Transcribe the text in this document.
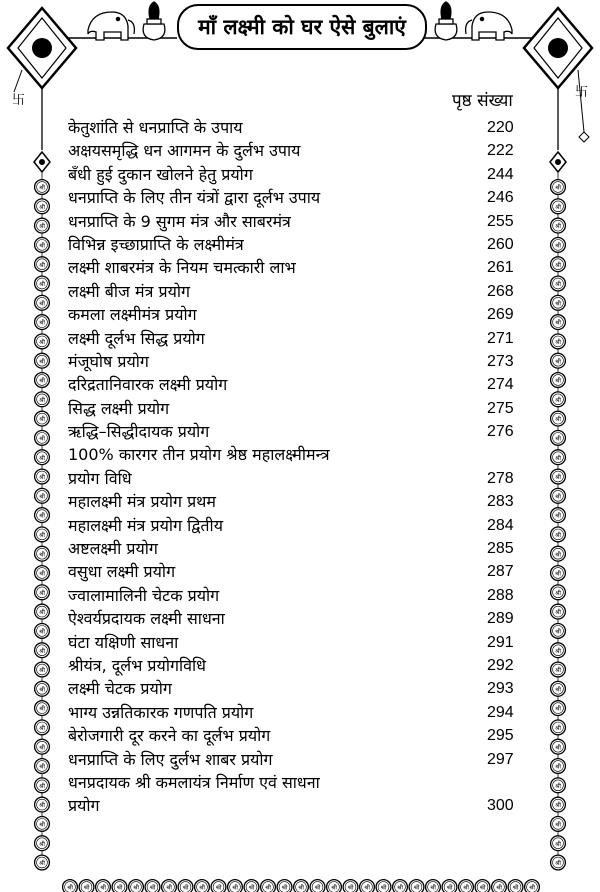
卐
卐
श्री
श्री
श्री
श्री
श्री
श्री
श्री
श्री
श्री
श्री
श्री
श्री
श्री
श्री
श्री
श्री
श्री
श्री
श्री
श्री
श्री
श्री
श्री
श्री
श्री
श्री
श्री
श्री
श्री
श्री
श्री
श्री
श्री
श्री
श्री
श्री
श्री
श्री
श्री
श्री
श्री
श्री
श्री
श्री
श्री
श्री
श्री
श्री
श्री
श्री
श्री
श्री
श्री
श्री
श्री
श्री
श्री
श्री
श्री
श्री
श्री
श्री
श्री
श्री
श्री
श्री
श्री
श्री
श्री
श्री
श्री
श्री
श्री श्री श्री श्री श्री श्री श्री श्री श्री श्री श्री श्री श्री श्री श्री श्री श्री श्री श्री श्री श्री श्री श्री श्री श्री श्री श्री श्री श्री
माँ लक्ष्मी को घर ऐसे बुलाएं
पृष्ठ संख्या
केतुशांति से धनप्राप्ति के उपाय	220
अक्षयसमृद्धि धन आगमन के दुर्लभ उपाय	222
बँधी हुई दुकान खोलने हेतु प्रयोग	244
धनप्राप्ति के लिए तीन यंत्रों द्वारा दूर्लभ उपाय	246
धनप्राप्ति के 9 सुगम मंत्र और साबरमंत्र	255
विभिन्न इच्छाप्राप्ति के लक्ष्मीमंत्र	260
लक्ष्मी शाबरमंत्र के नियम चमत्कारी लाभ	261
लक्ष्मी बीज मंत्र प्रयोग	268
कमला लक्ष्मीमंत्र प्रयोग	269
लक्ष्मी दूर्लभ सिद्ध प्रयोग	271
मंजूघोष प्रयोग	273
दरिद्रतानिवारक लक्ष्मी प्रयोग	274
सिद्ध लक्ष्मी प्रयोग	275
ऋद्धि–सिद्धीदायक प्रयोग	276
100% कारगर तीन प्रयोग श्रेष्ठ महालक्ष्मीमन्त्र
प्रयोग विधि	278
महालक्ष्मी मंत्र प्रयोग प्रथम	283
महालक्ष्मी मंत्र प्रयोग द्वितीय	284
अष्टलक्ष्मी प्रयोग	285
वसुधा लक्ष्मी प्रयोग	287
ज्वालामालिनी चेटक प्रयोग	288
ऐश्वर्यप्रदायक लक्ष्मी साधना	289
घंटा यक्षिणी साधना	291
श्रीयंत्र, दूर्लभ प्रयोगविधि	292
लक्ष्मी चेटक प्रयोग	293
भाग्य उन्नतिकारक गणपति प्रयोग	294
बेरोजगारी दूर करने का दूर्लभ प्रयोग	295
धनप्राप्ति के लिए दुर्लभ शाबर प्रयोग	297
धनप्रदायक श्री कमलायंत्र निर्माण एवं साधना
प्रयोग	300
